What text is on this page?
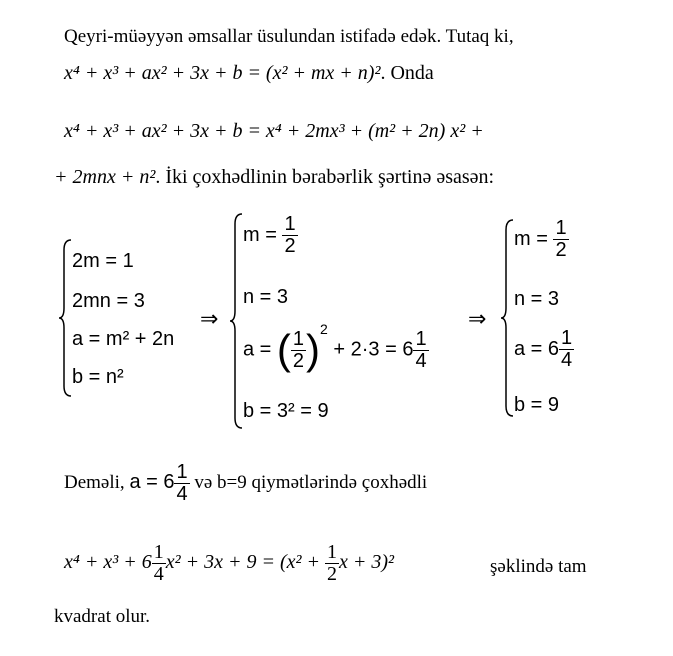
Qeyri-müəyyən əmsallar üsulundan istifadə edək. Tutaq ki,
x⁴ + x³ + ax² + 3x + b = (x² + mx + n)². Onda
x⁴ + x³ + ax² + 3x + b = x⁴ + 2mx³ + (m² + 2n) x² +
+ 2mnx + n². İki çoxhədlinin bərabərlik şərtinə əsasən:
2m = 1
2mn = 3
a = m² + 2n
b = n²
⇒
$m = \frac{1}{2}$
n = 3
a = ( $\frac{1}{2} )^2 + 2\cdot 3 = 6 \frac{1}{4}$
b = 3² = 9
⇒
$m = \frac{1}{2}$
n = 3
$a = 6 \frac{1}{4}$
b = 9
Deməli, $a = 6 \frac{1}{4}$ və b=9 qiymətlərində çoxhədli
$x^4 + x^3 + 6 \frac{1}{4} x^2 + 3x + 9 = (x^2 + \frac{1}{2}$ x + 3)²	şəklində tam
kvadrat olur.
